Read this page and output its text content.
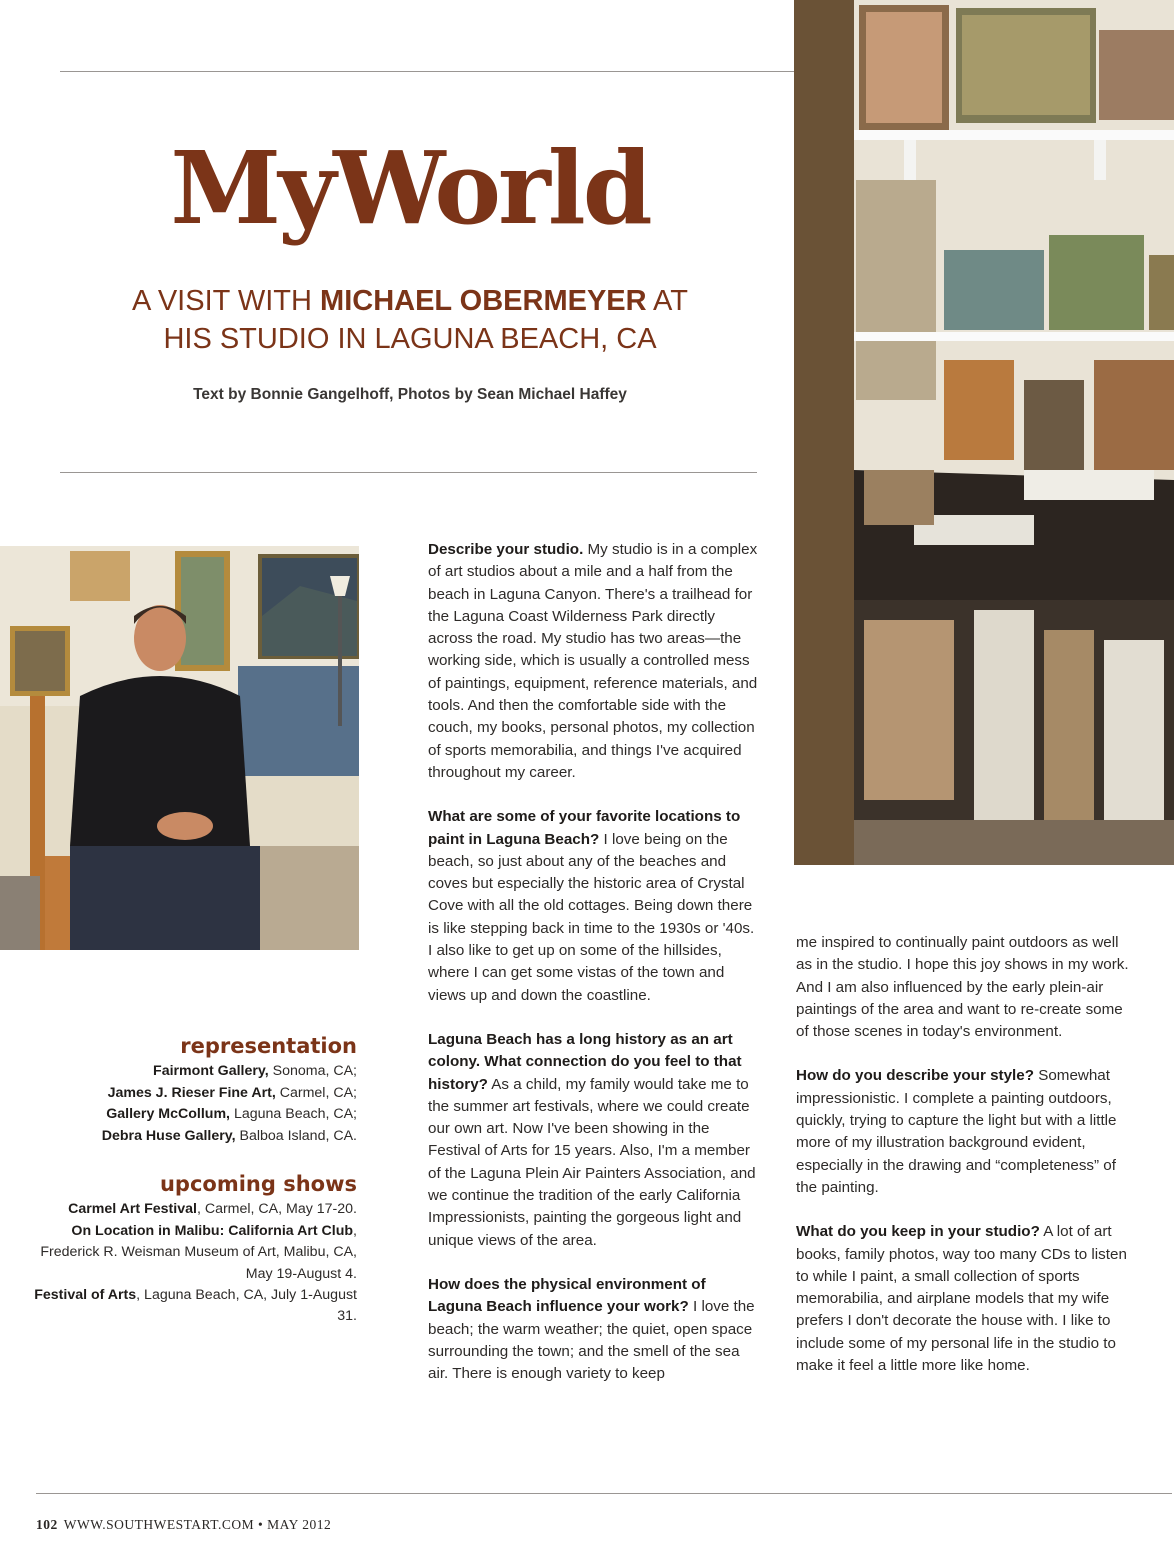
MyWorld
A VISIT WITH MICHAEL OBERMEYER AT
HIS STUDIO IN LAGUNA BEACH, CA
Text by Bonnie Gangelhoff, Photos by Sean Michael Haffey
representation

Fairmont Gallery, Sonoma, CA;

James J. Rieser Fine Art, Carmel, CA;

Gallery McCollum, Laguna Beach, CA;

Debra Huse Gallery, Balboa Island, CA.

upcoming shows

Carmel Art Festival, Carmel, CA, May 17-20.

On Location in Malibu: California Art Club, Frederick R. Weisman Museum of Art, Malibu, CA, May 19-August 4.

Festival of Arts, Laguna Beach, CA, July 1-August 31.

Describe your studio. My studio is in a complex of art studios about a mile and a half from the beach in Laguna Canyon. There's a trailhead for the Laguna Coast Wilderness Park directly across the road. My studio has two areas—the working side, which is usually a controlled mess of paintings, equipment, reference materials, and tools. And then the comfortable side with the couch, my books, personal photos, my collection of sports memorabilia, and things I've acquired throughout my career.

What are some of your favorite locations to paint in Laguna Beach? I love being on the beach, so just about any of the beaches and coves but especially the historic area of Crystal Cove with all the old cottages. Being down there is like stepping back in time to the 1930s or '40s. I also like to get up on some of the hillsides, where I can get some vistas of the town and views up and down the coastline.

Laguna Beach has a long history as an art colony. What connection do you feel to that history? As a child, my family would take me to the summer art festivals, where we could create our own art. Now I've been showing in the Festival of Arts for 15 years. Also, I'm a member of the Laguna Plein Air Painters Association, and we continue the tradition of the early California Impressionists, painting the gorgeous light and unique views of the area.

How does the physical environment of Laguna Beach influence your work? I love the beach; the warm weather; the quiet, open space surrounding the town; and the smell of the sea air. There is enough variety to keep

me inspired to continually paint outdoors as well as in the studio. I hope this joy shows in my work. And I am also influenced by the early plein-air paintings of the area and want to re-create some of those scenes in today's environment.

How do you describe your style? Somewhat impressionistic. I complete a painting outdoors, quickly, trying to capture the light but with a little more of my illustration background evident, especially in the drawing and “completeness” of the painting.

What do you keep in your studio? A lot of art books, family photos, way too many CDs to listen to while I paint, a small collection of sports memorabilia, and airplane models that my wife prefers I don't decorate the house with. I like to include some of my personal life in the studio to make it feel a little more like home.

102 WWW.SOUTHWESTART.COM • MAY 2012
